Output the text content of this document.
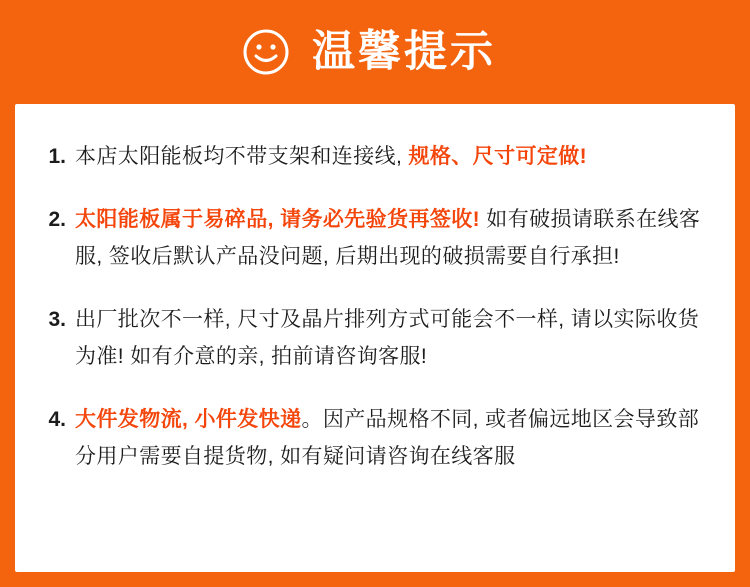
温馨提示
1. 本店太阳能板均不带支架和连接线, 规格、尺寸可定做!
2. 太阳能板属于易碎品, 请务必先验货再签收! 如有破损请联系在线客服, 签收后默认产品没问题, 后期出现的破损需要自行承担!
3. 出厂批次不一样, 尺寸及晶片排列方式可能会不一样, 请以实际收货为准! 如有介意的亲, 拍前请咨询客服!
4. 大件发物流, 小件发快递。因产品规格不同, 或者偏远地区会导致部分用户需要自提货物, 如有疑问请咨询在线客服
